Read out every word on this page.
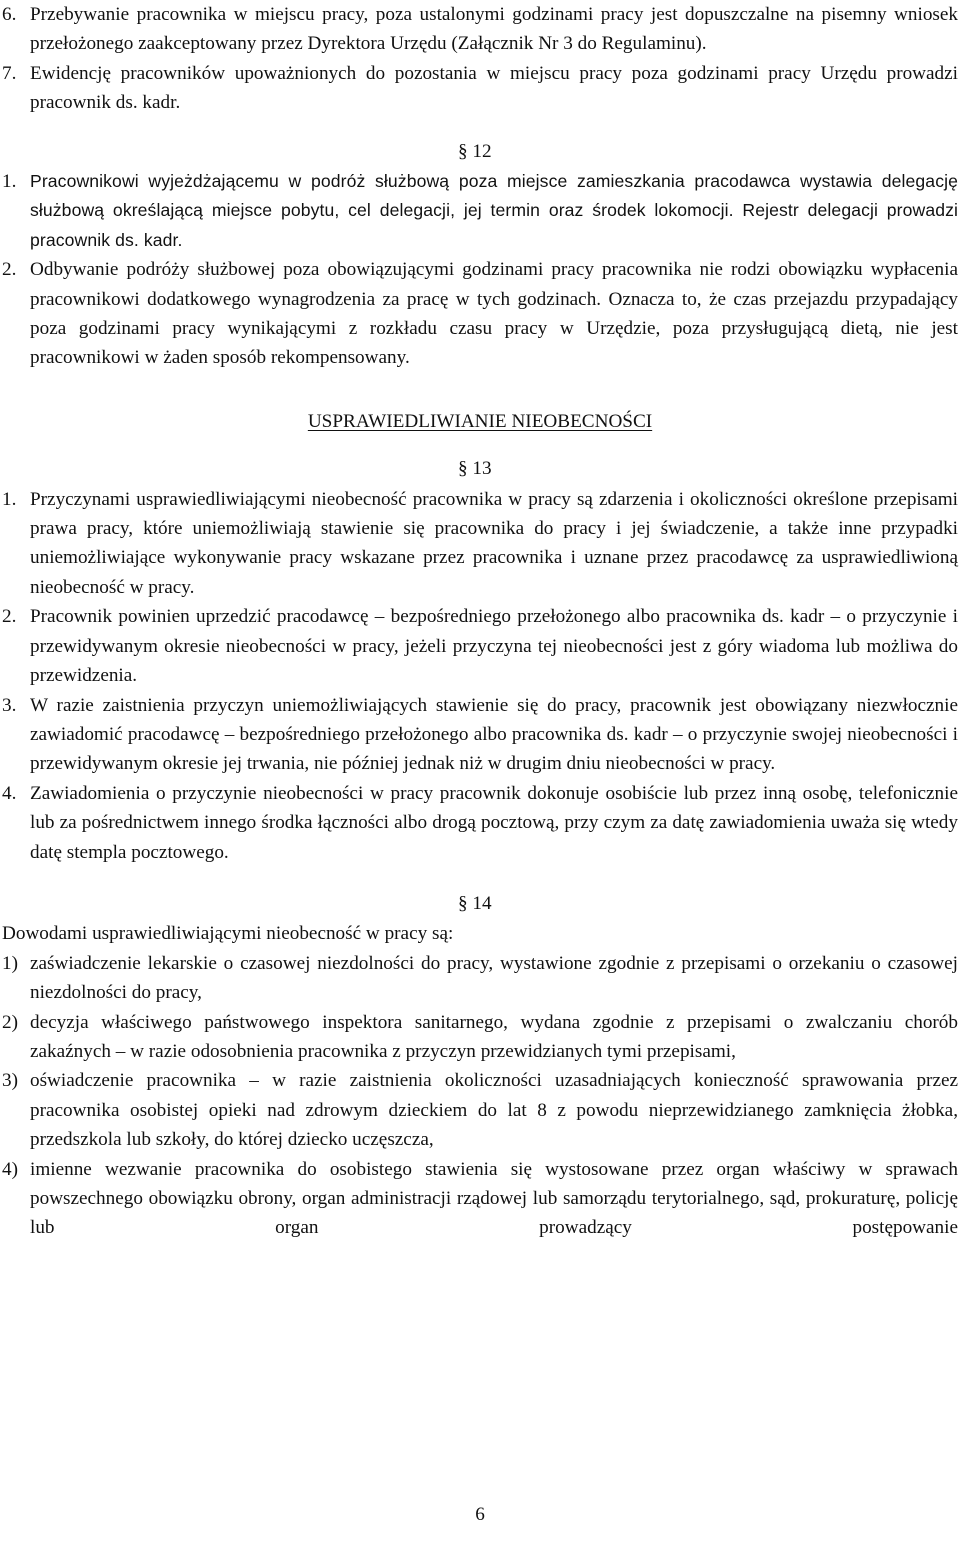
6. Przebywanie pracownika w miejscu pracy, poza ustalonymi godzinami pracy jest dopuszczalne na pisemny wniosek przełożonego zaakceptowany przez Dyrektora Urzędu (Załącznik Nr 3 do Regulaminu).
7. Ewidencję pracowników upoważnionych do pozostania w miejscu pracy poza godzinami pracy Urzędu prowadzi pracownik ds. kadr.
§ 12
1. Pracownikowi wyjeżdżającemu w podróż służbową poza miejsce zamieszkania pracodawca wystawia delegację służbową określającą miejsce pobytu, cel delegacji, jej termin oraz środek lokomocji. Rejestr delegacji prowadzi pracownik ds. kadr.
2. Odbywanie podróży służbowej poza obowiązującymi godzinami pracy pracownika nie rodzi obowiązku wypłacenia pracownikowi dodatkowego wynagrodzenia za pracę w tych godzinach. Oznacza to, że czas przejazdu przypadający poza godzinami pracy wynikającymi z rozkładu czasu pracy w Urzędzie, poza przysługującą dietą, nie jest pracownikowi w żaden sposób rekompensowany.
USPRAWIEDLIWIANIE NIEOBECNOŚCI
§ 13
1. Przyczynami usprawiedliwiającymi nieobecność pracownika w pracy są zdarzenia i okoliczności określone przepisami prawa pracy, które uniemożliwiają stawienie się pracownika do pracy i jej świadczenie, a także inne przypadki uniemożliwiające wykonywanie pracy wskazane przez pracownika i uznane przez pracodawcę za usprawiedliwioną nieobecność w pracy.
2. Pracownik powinien uprzedzić pracodawcę – bezpośredniego przełożonego albo pracownika ds. kadr – o przyczynie i przewidywanym okresie nieobecności w pracy, jeżeli przyczyna tej nieobecności jest z góry wiadoma lub możliwa do przewidzenia.
3. W razie zaistnienia przyczyn uniemożliwiających stawienie się do pracy, pracownik jest obowiązany niezwłocznie zawiadomić pracodawcę – bezpośredniego przełożonego albo pracownika ds. kadr – o przyczynie swojej nieobecności i przewidywanym okresie jej trwania, nie później jednak niż w drugim dniu nieobecności w pracy.
4. Zawiadomienia o przyczynie nieobecności w pracy pracownik dokonuje osobiście lub przez inną osobę, telefonicznie lub za pośrednictwem innego środka łączności albo drogą pocztową, przy czym za datę zawiadomienia uważa się wtedy datę stempla pocztowego.
§ 14
Dowodami usprawiedliwiającymi nieobecność w pracy są:
1) zaświadczenie lekarskie o czasowej niezdolności do pracy, wystawione zgodnie z przepisami o orzekaniu o czasowej niezdolności do pracy,
2) decyzja właściwego państwowego inspektora sanitarnego, wydana zgodnie z przepisami o zwalczaniu chorób zakaźnych – w razie odosobnienia pracownika z przyczyn przewidzianych tymi przepisami,
3) oświadczenie pracownika – w razie zaistnienia okoliczności uzasadniających konieczność sprawowania przez pracownika osobistej opieki nad zdrowym dzieckiem do lat 8 z powodu nieprzewidzianego zamknięcia żłobka, przedszkola lub szkoły, do której dziecko uczęszcza,
4) imienne wezwanie pracownika do osobistego stawienia się wystosowane przez organ właściwy w sprawach powszechnego obowiązku obrony, organ administracji rządowej lub samorządu terytorialnego, sąd, prokuraturę, policję lub organ prowadzący postępowanie
6
